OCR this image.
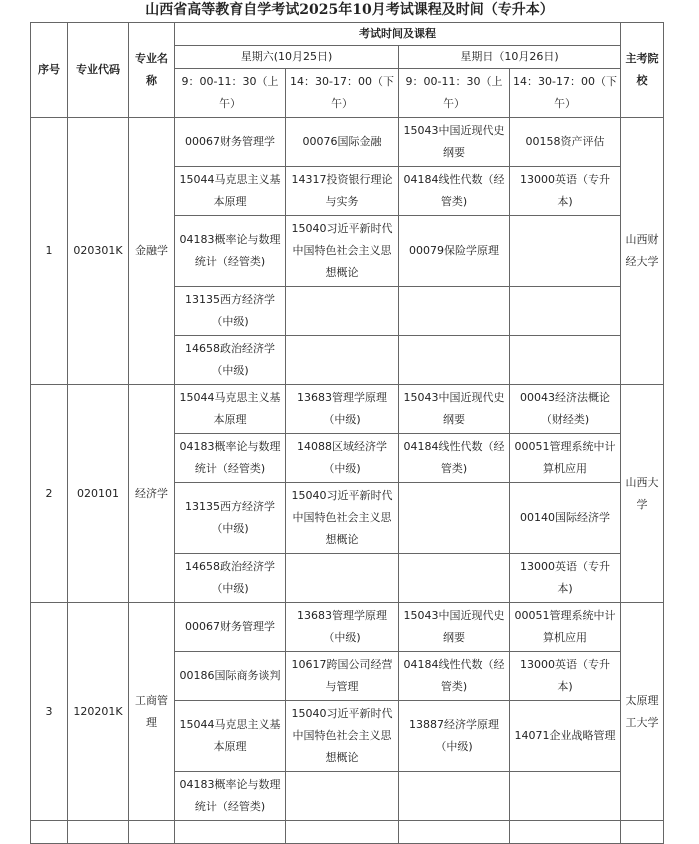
山西省高等教育自学考试2025年10月考试课程及时间（专升本）
序号	专业代码	专业名称	考试时间及课程				主考院校
			星期六(10月25日)		星期日（10月26日)		
			9：00-11：30（上午）	14：30-17：00（下午）	9：00-11：30（上午）	14：30-17：00（下午）	
1	020301K	金融学	00067财务管理学	00076国际金融	15043中国近现代史纲要	00158资产评估	山西财经大学
			15044马克思主义基本原理	14317投资银行理论与实务	04184线性代数（经管类)	13000英语（专升本)	
			04183概率论与数理统计（经管类)	15040习近平新时代中国特色社会主义思想概论	00079保险学原理		
			13135西方经济学（中级)				
			14658政治经济学（中级)				
2	020101	经济学	15044马克思主义基本原理	13683管理学原理（中级)	15043中国近现代史纲要	00043经济法概论（财经类)	山西大学
			04183概率论与数理统计（经管类)	14088区域经济学（中级)	04184线性代数（经管类)	00051管理系统中计算机应用	
			13135西方经济学（中级)	15040习近平新时代中国特色社会主义思想概论		00140国际经济学	
			14658政治经济学（中级)			13000英语（专升本)	
3	120201K	工商管理	00067财务管理学	13683管理学原理（中级)	15043中国近现代史纲要	00051管理系统中计算机应用	太原理工大学
			00186国际商务谈判	10617跨国公司经营与管理	04184线性代数（经管类)	13000英语（专升本)	
			15044马克思主义基本原理	15040习近平新时代中国特色社会主义思想概论	13887经济学原理（中级)	14071企业战略管理	
			04183概率论与数理统计（经管类)				
